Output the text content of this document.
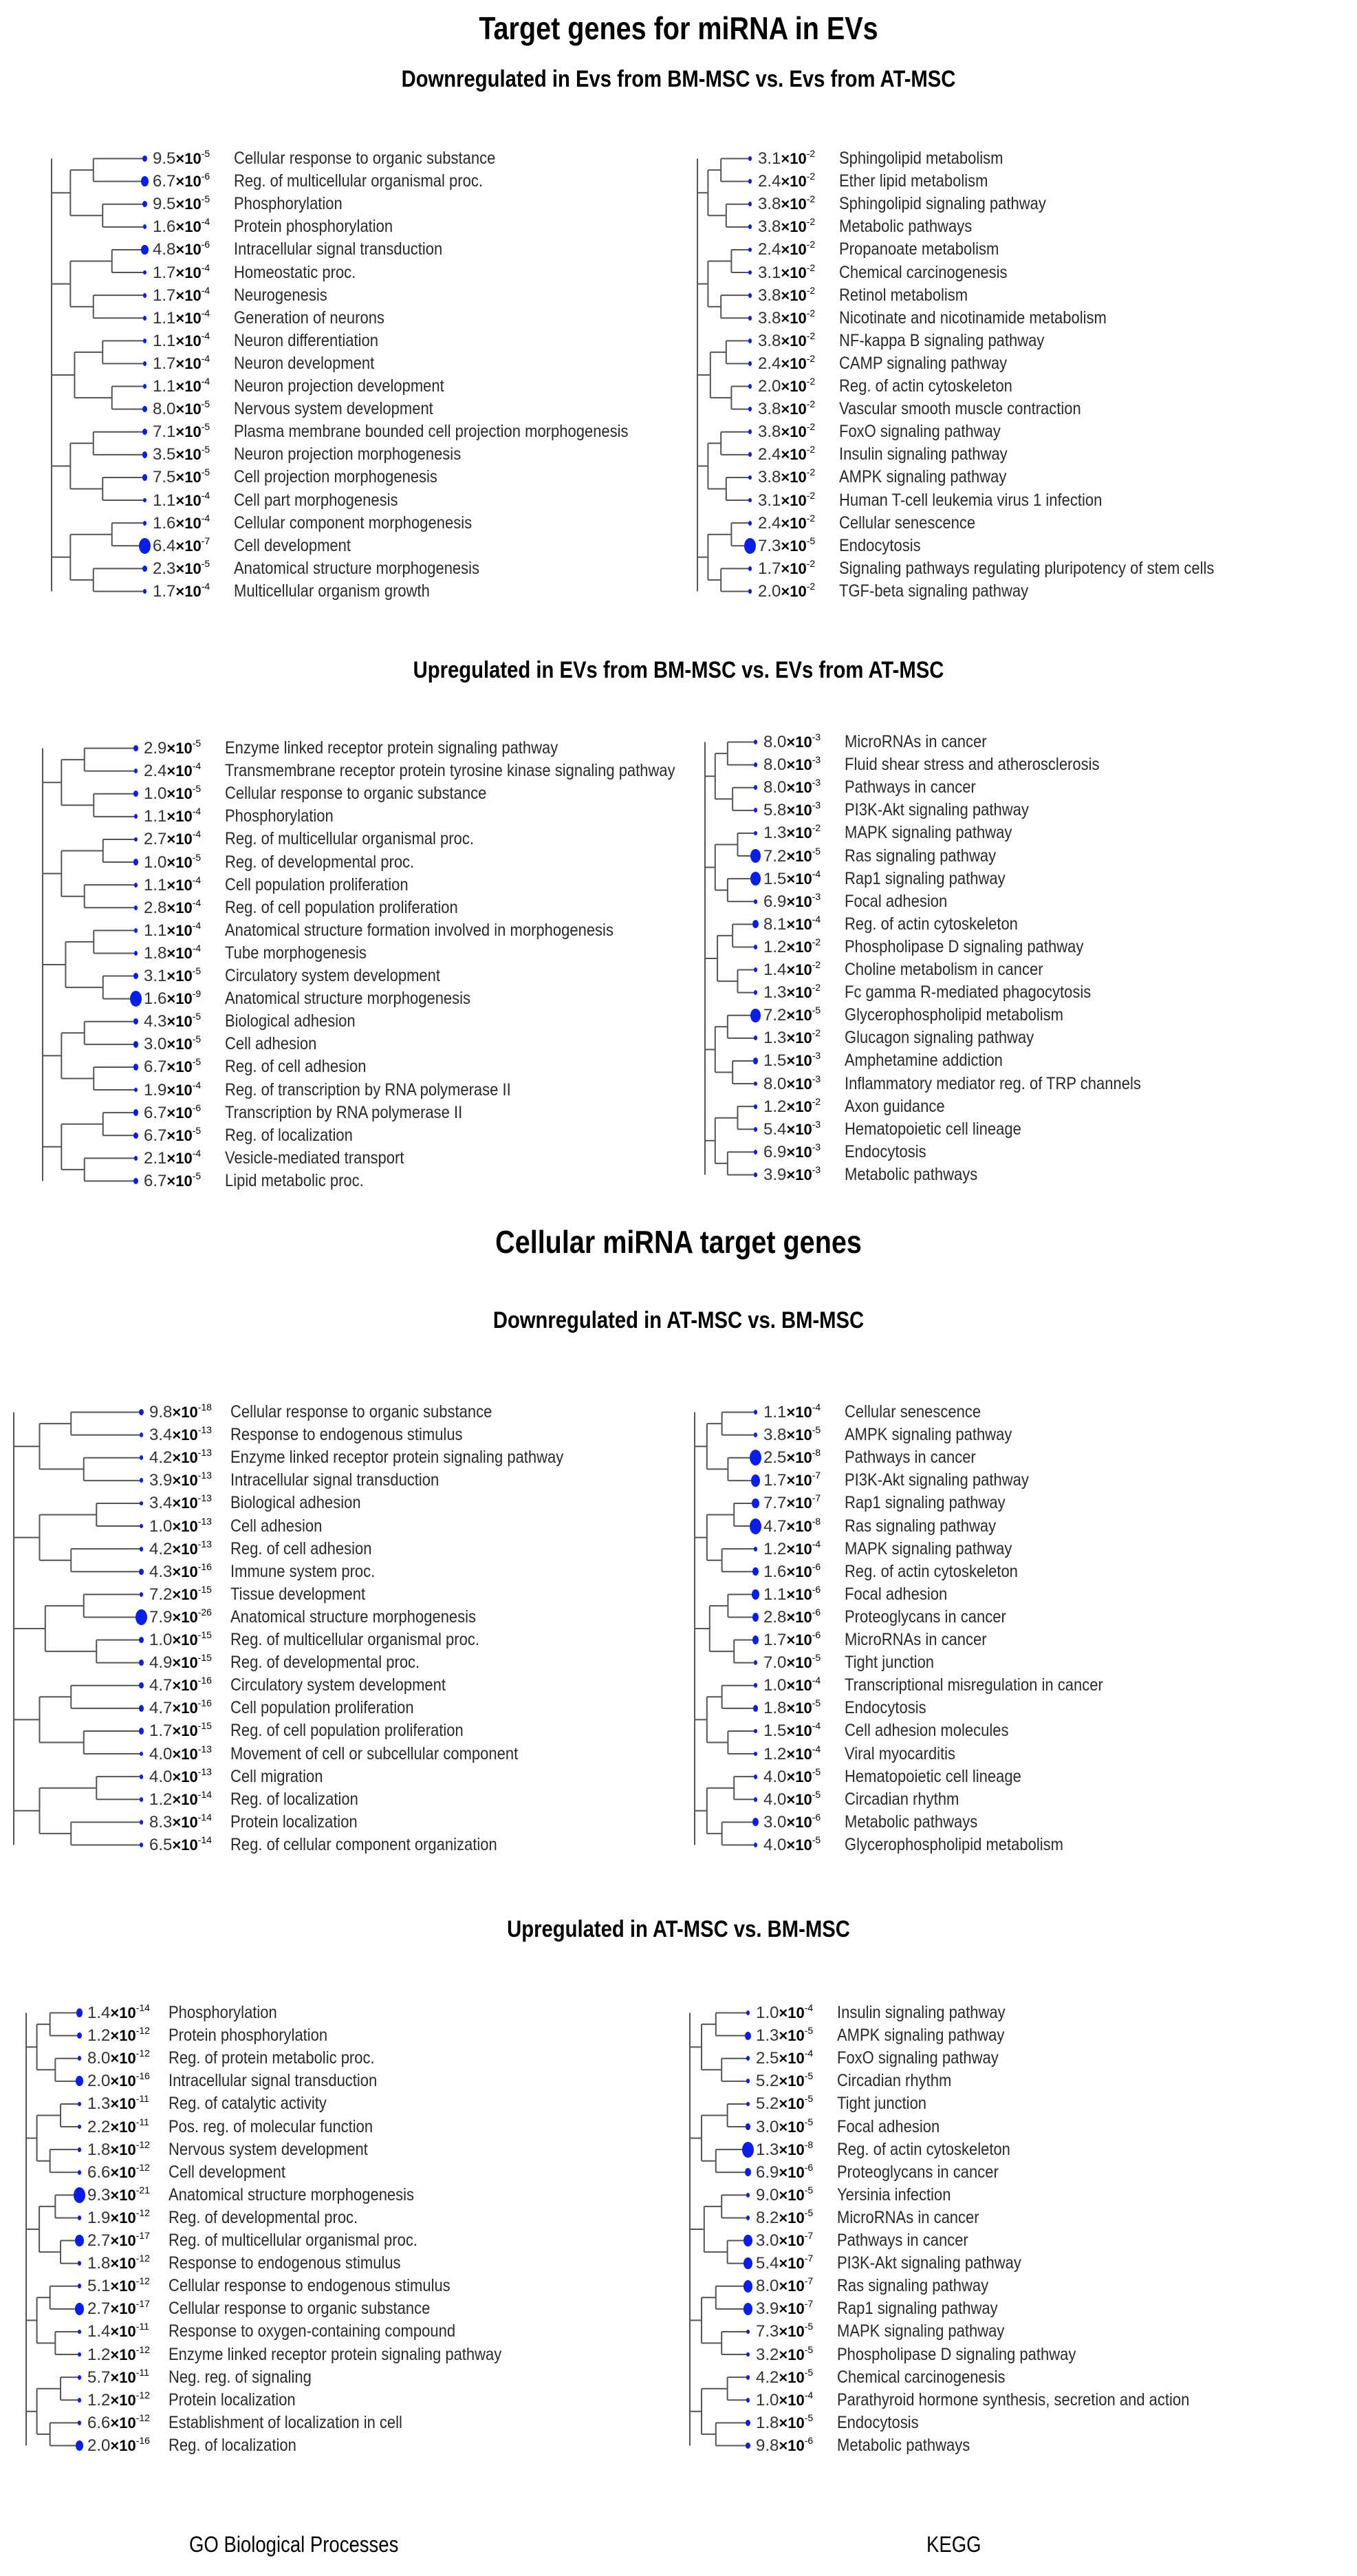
Target genes for miRNA in EVs
Downregulated in Evs from BM-MSC vs. Evs from AT-MSC
Upregulated in EVs from BM-MSC vs. EVs from AT-MSC
Cellular miRNA target genes
Downregulated in AT-MSC vs. BM-MSC
Upregulated in AT-MSC vs. BM-MSC
$9.5\times 10^{-5}$ Cellular response to organic substance
$6.7\times 10^{-6}$ Reg. of multicellular organismal proc.
$9.5\times 10^{-5}$ Phosphorylation
$1.6\times 10^{-4}$ Protein phosphorylation
$4.8\times 10^{-6}$ Intracellular signal transduction
$1.7\times 10^{-4}$ Homeostatic proc.
$1.7\times 10^{-4}$ Neurogenesis
$1.1\times 10^{-4}$ Generation of neurons
$1.1\times 10^{-4}$ Neuron differentiation
$1.7\times 10^{-4}$ Neuron development
$1.1\times 10^{-4}$ Neuron projection development
$8.0\times 10^{-5}$ Nervous system development
$7.1\times 10^{-5}$ Plasma membrane bounded cell projection morphogenesis
$3.5\times 10^{-5}$ Neuron projection morphogenesis
$7.5\times 10^{-5}$ Cell projection morphogenesis
$1.1\times 10^{-4}$ Cell part morphogenesis
$1.6\times 10^{-4}$ Cellular component morphogenesis
$6.4\times 10^{-7}$ Cell development
$2.3\times 10^{-5}$ Anatomical structure morphogenesis
$1.7\times 10^{-4}$ Multicellular organism growth
$3.1\times 10^{-2}$ Sphingolipid metabolism
$2.4\times 10^{-2}$ Ether lipid metabolism
$3.8\times 10^{-2}$ Sphingolipid signaling pathway
$3.8\times 10^{-2}$ Metabolic pathways
$2.4\times 10^{-2}$ Propanoate metabolism
$3.1\times 10^{-2}$ Chemical carcinogenesis
$3.8\times 10^{-2}$ Retinol metabolism
$3.8\times 10^{-2}$ Nicotinate and nicotinamide metabolism
$3.8\times 10^{-2}$ NF-kappa B signaling pathway
$2.4\times 10^{-2}$ CAMP signaling pathway
$2.0\times 10^{-2}$ Reg. of actin cytoskeleton
$3.8\times 10^{-2}$ Vascular smooth muscle contraction
$3.8\times 10^{-2}$ FoxO signaling pathway
$2.4\times 10^{-2}$ Insulin signaling pathway
$3.8\times 10^{-2}$ AMPK signaling pathway
$3.1\times 10^{-2}$ Human T-cell leukemia virus 1 infection
$2.4\times 10^{-2}$ Cellular senescence
$7.3\times 10^{-5}$ Endocytosis
$1.7\times 10^{-2}$ Signaling pathways regulating pluripotency of stem cells
$2.0\times 10^{-2}$ TGF-beta signaling pathway
$2.9\times 10^{-5}$ Enzyme linked receptor protein signaling pathway
$2.4\times 10^{-4}$ Transmembrane receptor protein tyrosine kinase signaling pathway
$1.0\times 10^{-5}$ Cellular response to organic substance
$1.1\times 10^{-4}$ Phosphorylation
$2.7\times 10^{-4}$ Reg. of multicellular organismal proc.
$1.0\times 10^{-5}$ Reg. of developmental proc.
$1.1\times 10^{-4}$ Cell population proliferation
$2.8\times 10^{-4}$ Reg. of cell population proliferation
$1.1\times 10^{-4}$ Anatomical structure formation involved in morphogenesis
$1.8\times 10^{-4}$ Tube morphogenesis
$3.1\times 10^{-5}$ Circulatory system development
$1.6\times 10^{-9}$ Anatomical structure morphogenesis
$4.3\times 10^{-5}$ Biological adhesion
$3.0\times 10^{-5}$ Cell adhesion
$6.7\times 10^{-5}$ Reg. of cell adhesion
$1.9\times 10^{-4}$ Reg. of transcription by RNA polymerase II
$6.7\times 10^{-6}$ Transcription by RNA polymerase II
$6.7\times 10^{-5}$ Reg. of localization
$2.1\times 10^{-4}$ Vesicle-mediated transport
$6.7\times 10^{-5}$ Lipid metabolic proc.
$8.0\times 10^{-3}$ MicroRNAs in cancer
$8.0\times 10^{-3}$ Fluid shear stress and atherosclerosis
$8.0\times 10^{-3}$ Pathways in cancer
$5.8\times 10^{-3}$ PI3K-Akt signaling pathway
$1.3\times 10^{-2}$ MAPK signaling pathway
$7.2\times 10^{-5}$ Ras signaling pathway
$1.5\times 10^{-4}$ Rap1 signaling pathway
$6.9\times 10^{-3}$ Focal adhesion
$8.1\times 10^{-4}$ Reg. of actin cytoskeleton
$1.2\times 10^{-2}$ Phospholipase D signaling pathway
$1.4\times 10^{-2}$ Choline metabolism in cancer
$1.3\times 10^{-2}$ Fc gamma R-mediated phagocytosis
$7.2\times 10^{-5}$ Glycerophospholipid metabolism
$1.3\times 10^{-2}$ Glucagon signaling pathway
$1.5\times 10^{-3}$ Amphetamine addiction
$8.0\times 10^{-3}$ Inflammatory mediator reg. of TRP channels
$1.2\times 10^{-2}$ Axon guidance
$5.4\times 10^{-3}$ Hematopoietic cell lineage
$6.9\times 10^{-3}$ Endocytosis
$3.9\times 10^{-3}$ Metabolic pathways
$9.8\times 10^{-18}$ Cellular response to organic substance
$3.4\times 10^{-13}$ Response to endogenous stimulus
$4.2\times 10^{-13}$ Enzyme linked receptor protein signaling pathway
$3.9\times 10^{-13}$ Intracellular signal transduction
$3.4\times 10^{-13}$ Biological adhesion
$1.0\times 10^{-13}$ Cell adhesion
$4.2\times 10^{-13}$ Reg. of cell adhesion
$4.3\times 10^{-16}$ Immune system proc.
$7.2\times 10^{-15}$ Tissue development
$7.9\times 10^{-26}$ Anatomical structure morphogenesis
$1.0\times 10^{-15}$ Reg. of multicellular organismal proc.
$4.9\times 10^{-15}$ Reg. of developmental proc.
$4.7\times 10^{-16}$ Circulatory system development
$4.7\times 10^{-16}$ Cell population proliferation
$1.7\times 10^{-15}$ Reg. of cell population proliferation
$4.0\times 10^{-13}$ Movement of cell or subcellular component
$4.0\times 10^{-13}$ Cell migration
$1.2\times 10^{-14}$ Reg. of localization
$8.3\times 10^{-14}$ Protein localization
$6.5\times 10^{-14}$ Reg. of cellular component organization
$1.1\times 10^{-4}$ Cellular senescence
$3.8\times 10^{-5}$ AMPK signaling pathway
$2.5\times 10^{-8}$ Pathways in cancer
$1.7\times 10^{-7}$ PI3K-Akt signaling pathway
$7.7\times 10^{-7}$ Rap1 signaling pathway
$4.7\times 10^{-8}$ Ras signaling pathway
$1.2\times 10^{-4}$ MAPK signaling pathway
$1.6\times 10^{-6}$ Reg. of actin cytoskeleton
$1.1\times 10^{-6}$ Focal adhesion
$2.8\times 10^{-6}$ Proteoglycans in cancer
$1.7\times 10^{-6}$ MicroRNAs in cancer
$7.0\times 10^{-5}$ Tight junction
$1.0\times 10^{-4}$ Transcriptional misregulation in cancer
$1.8\times 10^{-5}$ Endocytosis
$1.5\times 10^{-4}$ Cell adhesion molecules
$1.2\times 10^{-4}$ Viral myocarditis
$4.0\times 10^{-5}$ Hematopoietic cell lineage
$4.0\times 10^{-5}$ Circadian rhythm
$3.0\times 10^{-6}$ Metabolic pathways
$4.0\times 10^{-5}$ Glycerophospholipid metabolism
$1.4\times 10^{-14}$ Phosphorylation
$1.2\times 10^{-12}$ Protein phosphorylation
$8.0\times 10^{-12}$ Reg. of protein metabolic proc.
$2.0\times 10^{-16}$ Intracellular signal transduction
$1.3\times 10^{-11}$ Reg. of catalytic activity
$2.2\times 10^{-11}$ Pos. reg. of molecular function
$1.8\times 10^{-12}$ Nervous system development
$6.6\times 10^{-12}$ Cell development
$9.3\times 10^{-21}$ Anatomical structure morphogenesis
$1.9\times 10^{-12}$ Reg. of developmental proc.
$2.7\times 10^{-17}$ Reg. of multicellular organismal proc.
$1.8\times 10^{-12}$ Response to endogenous stimulus
$5.1\times 10^{-12}$ Cellular response to endogenous stimulus
$2.7\times 10^{-17}$ Cellular response to organic substance
$1.4\times 10^{-11}$ Response to oxygen-containing compound
$1.2\times 10^{-12}$ Enzyme linked receptor protein signaling pathway
$5.7\times 10^{-11}$ Neg. reg. of signaling
$1.2\times 10^{-12}$ Protein localization
$6.6\times 10^{-12}$ Establishment of localization in cell
$2.0\times 10^{-16}$ Reg. of localization
$1.0\times 10^{-4}$ Insulin signaling pathway
$1.3\times 10^{-5}$ AMPK signaling pathway
$2.5\times 10^{-4}$ FoxO signaling pathway
$5.2\times 10^{-5}$ Circadian rhythm
$5.2\times 10^{-5}$ Tight junction
$3.0\times 10^{-5}$ Focal adhesion
$1.3\times 10^{-8}$ Reg. of actin cytoskeleton
$6.9\times 10^{-6}$ Proteoglycans in cancer
$9.0\times 10^{-5}$ Yersinia infection
$8.2\times 10^{-5}$ MicroRNAs in cancer
$3.0\times 10^{-7}$ Pathways in cancer
$5.4\times 10^{-7}$ PI3K-Akt signaling pathway
$8.0\times 10^{-7}$ Ras signaling pathway
$3.9\times 10^{-7}$ Rap1 signaling pathway
$7.3\times 10^{-5}$ MAPK signaling pathway
$3.2\times 10^{-5}$ Phospholipase D signaling pathway
$4.2\times 10^{-5}$ Chemical carcinogenesis
$1.0\times 10^{-4}$ Parathyroid hormone synthesis, secretion and action
$1.8\times 10^{-5}$ Endocytosis
$9.8\times 10^{-6}$ Metabolic pathways
GO Biological Processes	KEGG
